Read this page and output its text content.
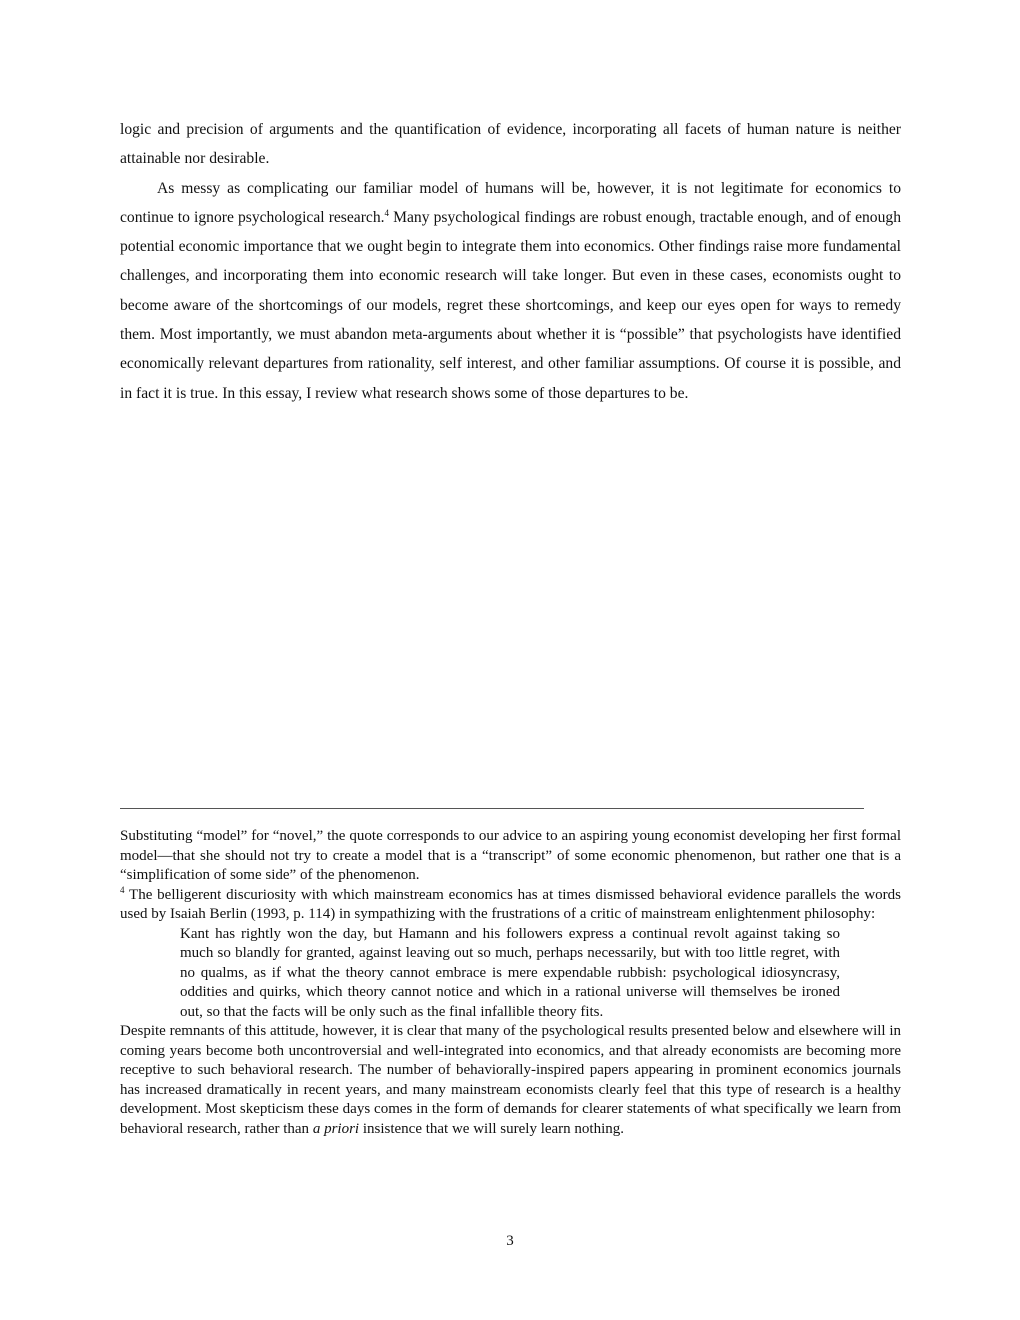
logic and precision of arguments and the quantification of evidence, incorporating all facets of human nature is neither attainable nor desirable.

As messy as complicating our familiar model of humans will be, however, it is not legitimate for economics to continue to ignore psychological research.$^4$ Many psychological findings are robust enough, tractable enough, and of enough potential economic importance that we ought begin to integrate them into economics. Other findings raise more fundamental challenges, and incorporating them into economic research will take longer. But even in these cases, economists ought to become aware of the shortcomings of our models, regret these shortcomings, and keep our eyes open for ways to remedy them. Most importantly, we must abandon meta-arguments about whether it is “possible” that psychologists have identified economically relevant departures from rationality, self interest, and other familiar assumptions. Of course it is possible, and in fact it is true. In this essay, I review what research shows some of those departures to be.

Substituting “model” for “novel,” the quote corresponds to our advice to an aspiring young economist developing her first formal model—that she should not try to create a model that is a “transcript” of some economic phenomenon, but rather one that is a “simplification of some side” of the phenomenon.

$^4$ The belligerent discuriosity with which mainstream economics has at times dismissed behavioral evidence parallels the words used by Isaiah Berlin (1993, p. 114) in sympathizing with the frustrations of a critic of mainstream enlightenment philosophy:

Kant has rightly won the day, but Hamann and his followers express a continual revolt against taking so much so blandly for granted, against leaving out so much, perhaps necessarily, but with too little regret, with no qualms, as if what the theory cannot embrace is mere expendable rubbish: psychological idiosyncrasy, oddities and quirks, which theory cannot notice and which in a rational universe will themselves be ironed out, so that the facts will be only such as the final infallible theory fits.

Despite remnants of this attitude, however, it is clear that many of the psychological results presented below and elsewhere will in coming years become both uncontroversial and well-integrated into economics, and that already economists are becoming more receptive to such behavioral research. The number of behaviorally-inspired papers appearing in prominent economics journals has increased dramatically in recent years, and many mainstream economists clearly feel that this type of research is a healthy development. Most skepticism these days comes in the form of demands for clearer statements of what specifically we learn from behavioral research, rather than a priori insistence that we will surely learn nothing.

3
